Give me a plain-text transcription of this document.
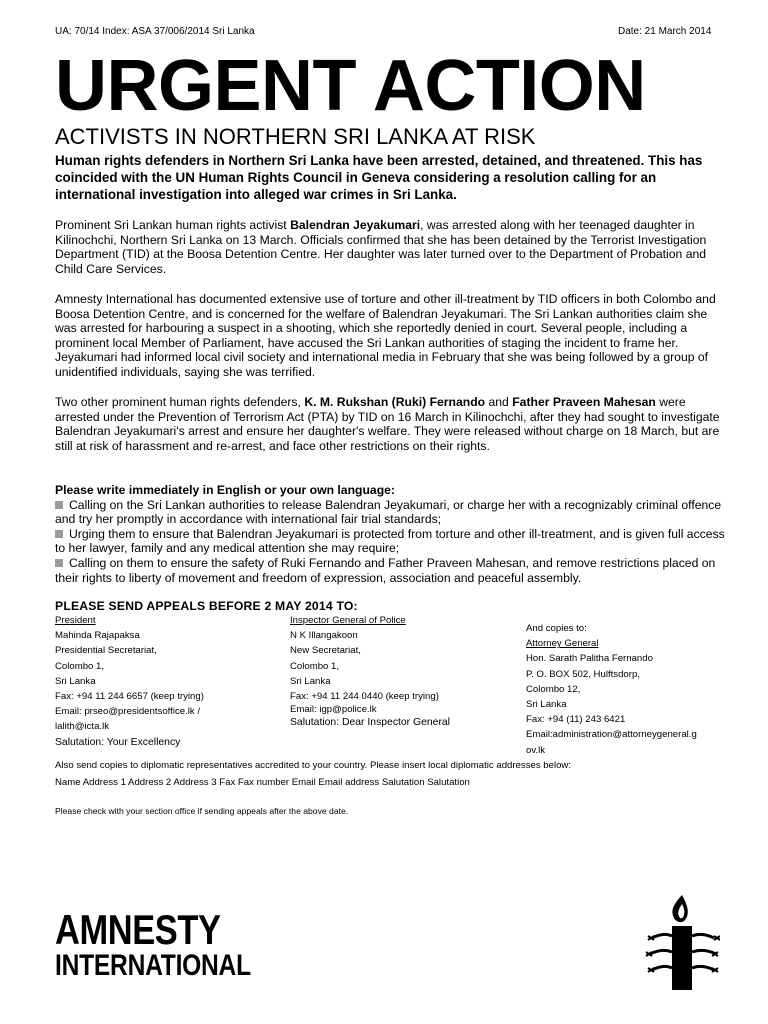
UA: 70/14 Index: ASA 37/006/2014 Sri Lanka	Date: 21 March 2014
URGENT ACTION
ACTIVISTS IN NORTHERN SRI LANKA AT RISK
Human rights defenders in Northern Sri Lanka have been arrested, detained, and threatened. This has coincided with the UN Human Rights Council in Geneva considering a resolution calling for an international investigation into alleged war crimes in Sri Lanka.
Prominent Sri Lankan human rights activist Balendran Jeyakumari, was arrested along with her teenaged daughter in Kilinochchi, Northern Sri Lanka on 13 March. Officials confirmed that she has been detained by the Terrorist Investigation Department (TID) at the Boosa Detention Centre. Her daughter was later turned over to the Department of Probation and Child Care Services.
Amnesty International has documented extensive use of torture and other ill-treatment by TID officers in both Colombo and Boosa Detention Centre, and is concerned for the welfare of Balendran Jeyakumari. The Sri Lankan authorities claim she was arrested for harbouring a suspect in a shooting, which she reportedly denied in court. Several people, including a prominent local Member of Parliament, have accused the Sri Lankan authorities of staging the incident to frame her. Jeyakumari had informed local civil society and international media in February that she was being followed by a group of unidentified individuals, saying she was terrified.
Two other prominent human rights defenders, K. M. Rukshan (Ruki) Fernando and Father Praveen Mahesan were arrested under the Prevention of Terrorism Act (PTA) by TID on 16 March in Kilinochchi, after they had sought to investigate Balendran Jeyakumari's arrest and ensure her daughter's welfare. They were released without charge on 18 March, but are still at risk of harassment and re-arrest, and face other restrictions on their rights.
Please write immediately in English or your own language:
Calling on the Sri Lankan authorities to release Balendran Jeyakumari, or charge her with a recognizably criminal offence and try her promptly in accordance with international fair trial standards;
Urging them to ensure that Balendran Jeyakumari is protected from torture and other ill-treatment, and is given full access to her lawyer, family and any medical attention she may require;
Calling on them to ensure the safety of Ruki Fernando and Father Praveen Mahesan, and remove restrictions placed on their rights to liberty of movement and freedom of expression, association and peaceful assembly.
PLEASE SEND APPEALS BEFORE 2 MAY 2014 TO:
President
Mahinda Rajapaksa
Presidential Secretariat,
Colombo 1,
Sri Lanka
Fax: +94 11 244 6657 (keep trying)
Email: prseo@presidentsoffice.lk /
lalith@icta.lk
Salutation: Your Excellency
Inspector General of Police
N K Illangakoon
New Secretariat,
Colombo 1,
Sri Lanka
Fax: +94 11 244 0440 (keep trying)
Email: igp@police.lk
Salutation: Dear Inspector General
And copies to:
Attorney General
Hon. Sarath Palitha Fernando
P. O. BOX 502, Hulftsdorp,
Colombo 12,
Sri Lanka
Fax: +94 (11) 243 6421
Email:administration@attorneygeneral.g
ov.lk
Also send copies to diplomatic representatives accredited to your country. Please insert local diplomatic addresses below:
Name Address 1 Address 2 Address 3 Fax Fax number Email Email address Salutation Salutation
Please check with your section office if sending appeals after the above date.
AMNESTY
INTERNATIONAL
